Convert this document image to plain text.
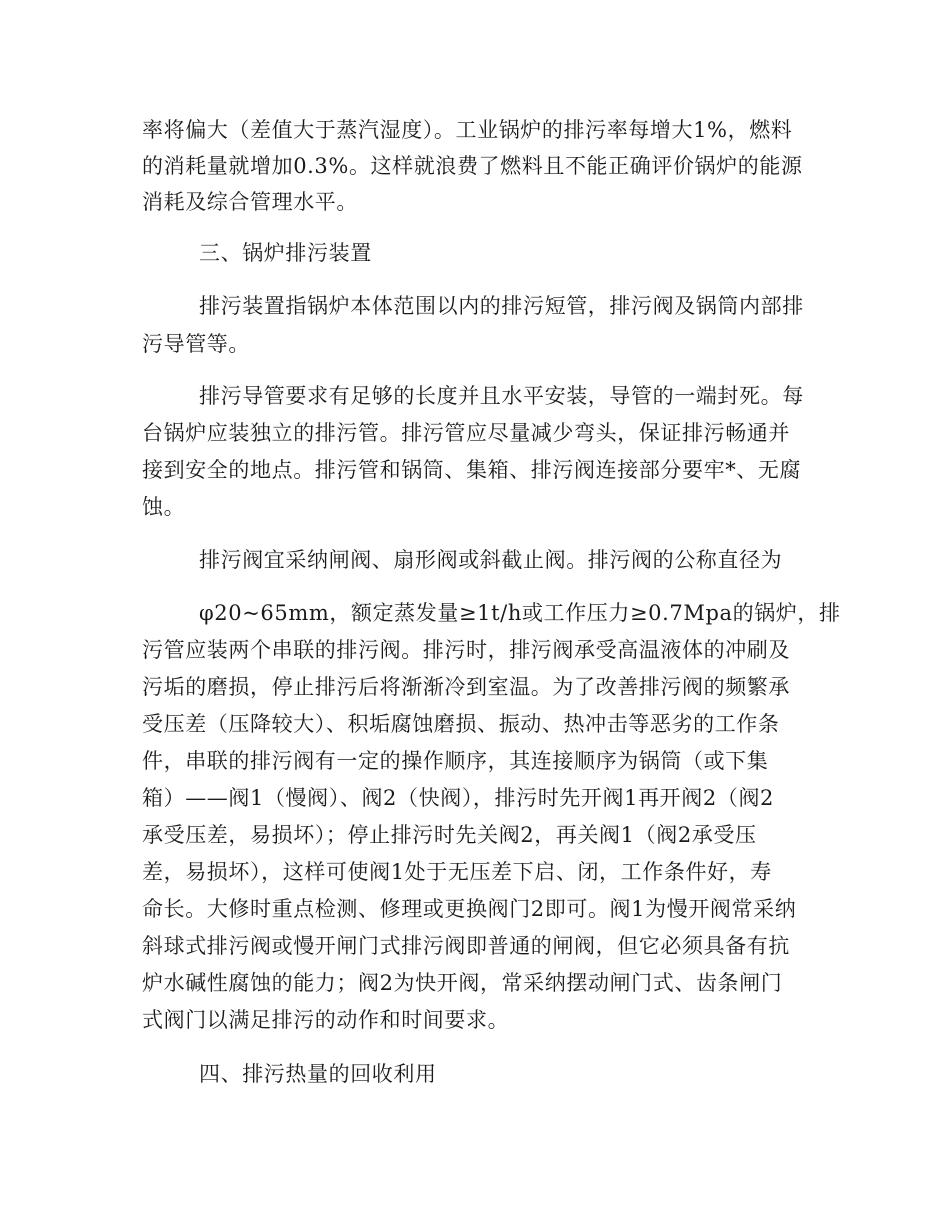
率将偏大（差值大于蒸汽湿度）。工业锅炉的排污率每增大1%，燃料
的消耗量就增加0.3%。这样就浪费了燃料且不能正确评价锅炉的能源
消耗及综合管理水平。
三、锅炉排污装置
排污装置指锅炉本体范围以内的排污短管，排污阀及锅筒内部排
污导管等。
排污导管要求有足够的长度并且水平安装，导管的一端封死。每
台锅炉应装独立的排污管。排污管应尽量减少弯头，保证排污畅通并
接到安全的地点。排污管和锅筒、集箱、排污阀连接部分要牢*、无腐
蚀。
排污阀宜采纳闸阀、扇形阀或斜截止阀。排污阀的公称直径为
φ20~65mm，额定蒸发量≥1t/h或工作压力≥0.7Mpa的锅炉，排
污管应装两个串联的排污阀。排污时，排污阀承受高温液体的冲刷及
污垢的磨损，停止排污后将渐渐冷到室温。为了改善排污阀的频繁承
受压差（压降较大）、积垢腐蚀磨损、振动、热冲击等恶劣的工作条
件，串联的排污阀有一定的操作顺序，其连接顺序为锅筒（或下集
箱）——阀1（慢阀）、阀2（快阀），排污时先开阀1再开阀2（阀2
承受压差，易损坏）；停止排污时先关阀2，再关阀1（阀2承受压
差，易损坏），这样可使阀1处于无压差下启、闭，工作条件好，寿
命长。大修时重点检测、修理或更换阀门2即可。阀1为慢开阀常采纳
斜球式排污阀或慢开闸门式排污阀即普通的闸阀，但它必须具备有抗
炉水碱性腐蚀的能力；阀2为快开阀，常采纳摆动闸门式、齿条闸门
式阀门以满足排污的动作和时间要求。
四、排污热量的回收利用
